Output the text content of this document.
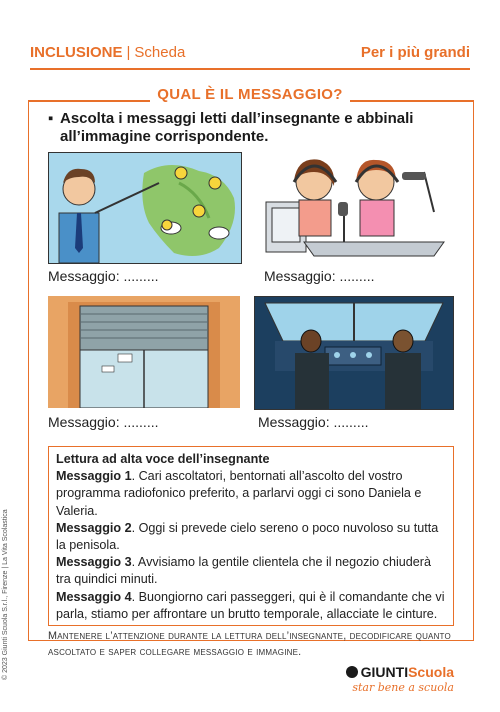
INCLUSIONE | Scheda	Per i più grandi
QUAL È IL MESSAGGIO?
▪ Ascolta i messaggi letti dall’insegnante e abbinali all’immagine corrispondente.
Messaggio: .........	Messaggio: .........
Messaggio: .........	Messaggio: .........
Lettura ad alta voce dell’insegnante
Messaggio 1. Cari ascoltatori, bentornati all’ascolto del vostro programma radiofonico preferito, a parlarvi oggi ci sono Daniela e Valeria.
Messaggio 2. Oggi si prevede cielo sereno o poco nuvoloso su tutta la penisola.
Messaggio 3. Avvisiamo la gentile clientela che il negozio chiuderà tra quindici minuti.
Messaggio 4. Buongiorno cari passeggeri, qui è il comandante che vi parla, stiamo per affrontare un brutto temporale, allacciate le cinture.
Mantenere l’attenzione durante la lettura dell’insegnante, decodificare quanto ascoltato e saper collegare messaggio e immagine.
© 2023 Giunti Scuola S.r.l., Firenze | La Vita Scolastica	GIUNTIScuola
star bene a scuola
